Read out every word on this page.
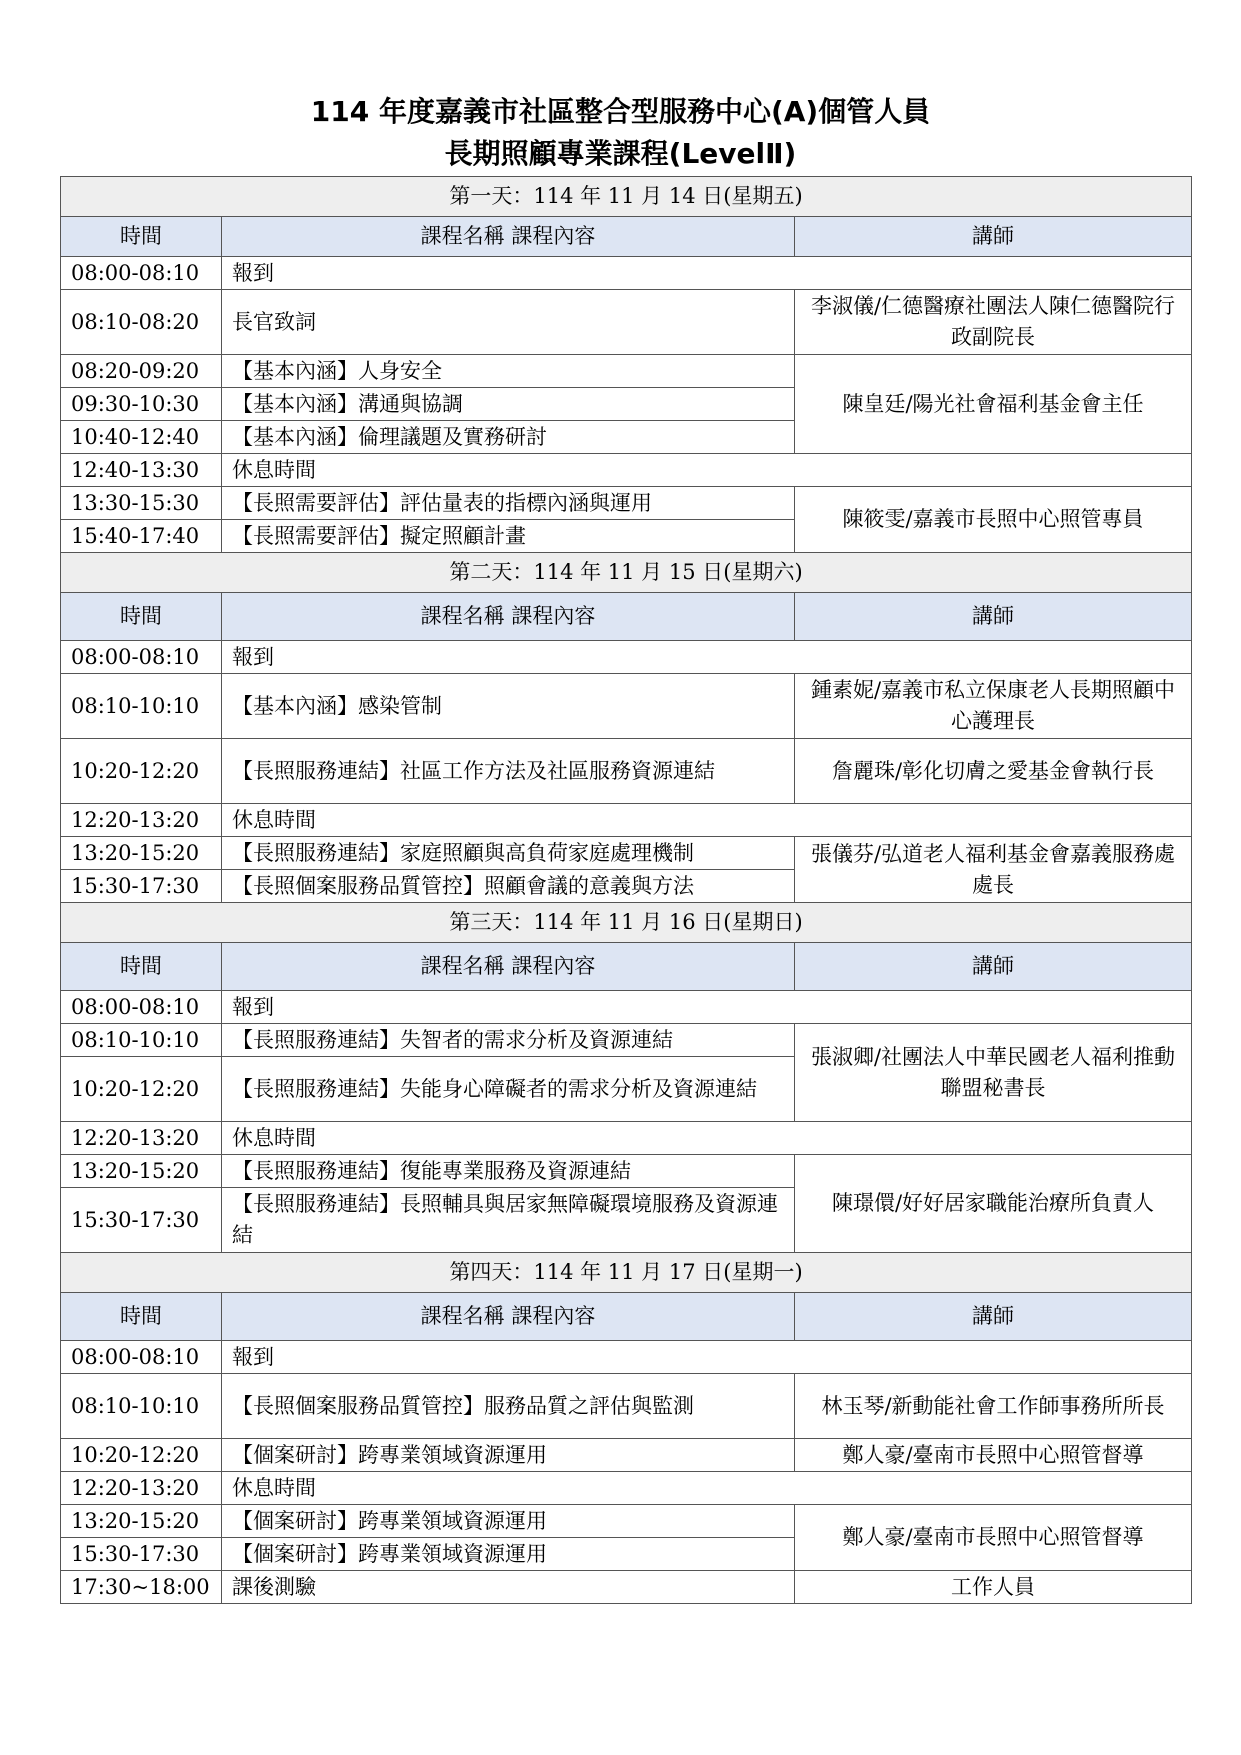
114 年度嘉義市社區整合型服務中心(A)個管人員
長期照顧專業課程(LevelⅡ)
第一天：114 年 11 月 14 日(星期五)		
時間	課程名稱 課程內容	講師
08:00-08:10	報到	
08:10-08:20	長官致詞	李淑儀/仁德醫療社團法人陳仁德醫院行政副院長
08:20-09:20	【基本內涵】人身安全	陳皇廷/陽光社會福利基金會主任
09:30-10:30	【基本內涵】溝通與協調	
10:40-12:40	【基本內涵】倫理議題及實務研討	
12:40-13:30	休息時間	
13:30-15:30	【長照需要評估】評估量表的指標內涵與運用	陳筱雯/嘉義市長照中心照管專員
15:40-17:40	【長照需要評估】擬定照顧計畫	
第二天：114 年 11 月 15 日(星期六)		
時間	課程名稱 課程內容	講師
08:00-08:10	報到	
08:10-10:10	【基本內涵】感染管制	鍾素妮/嘉義市私立保康老人長期照顧中心護理長
10:20-12:20	【長照服務連結】社區工作方法及社區服務資源連結	詹麗珠/彰化切膚之愛基金會執行長
12:20-13:20	休息時間	
13:20-15:20	【長照服務連結】家庭照顧與高負荷家庭處理機制	張儀芬/弘道老人福利基金會嘉義服務處處長
15:30-17:30	【長照個案服務品質管控】照顧會議的意義與方法	
第三天：114 年 11 月 16 日(星期日)		
時間	課程名稱 課程內容	講師
08:00-08:10	報到	
08:10-10:10	【長照服務連結】失智者的需求分析及資源連結	張淑卿/社團法人中華民國老人福利推動聯盟秘書長
10:20-12:20	【長照服務連結】失能身心障礙者的需求分析及資源連結	
12:20-13:20	休息時間	
13:20-15:20	【長照服務連結】復能專業服務及資源連結	陳璟儇/好好居家職能治療所負責人
15:30-17:30	【長照服務連結】長照輔具與居家無障礙環境服務及資源連結	
第四天：114 年 11 月 17 日(星期一)		
時間	課程名稱 課程內容	講師
08:00-08:10	報到	
08:10-10:10	【長照個案服務品質管控】服務品質之評估與監測	林玉琴/新動能社會工作師事務所所長
10:20-12:20	【個案研討】跨專業領域資源運用	鄭人豪/臺南市長照中心照管督導
12:20-13:20	休息時間	
13:20-15:20	【個案研討】跨專業領域資源運用	鄭人豪/臺南市長照中心照管督導
15:30-17:30	【個案研討】跨專業領域資源運用	
17:30~18:00	課後測驗	工作人員
